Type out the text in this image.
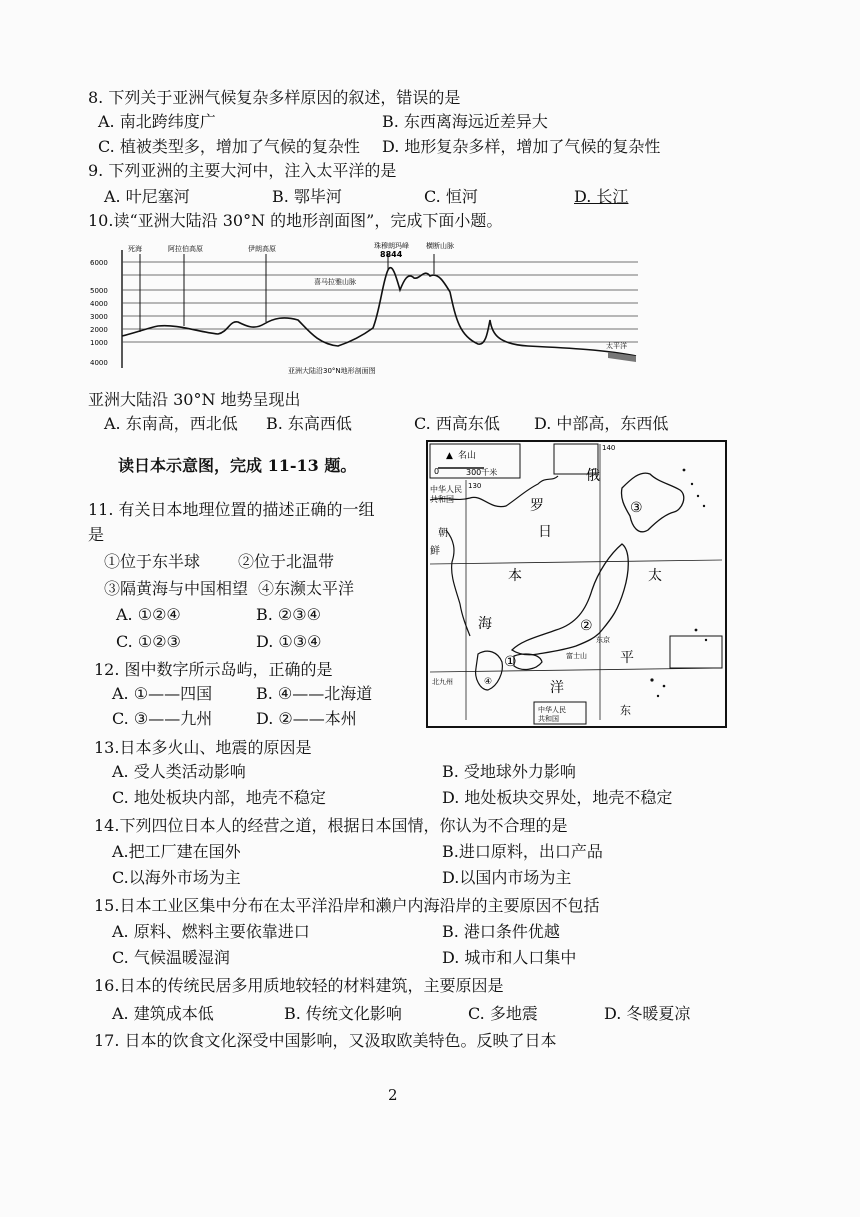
8. 下列关于亚洲气候复杂多样原因的叙述，错误的是
A. 南北跨纬度广	B. 东西离海远近差异大
C. 植被类型多，增加了气候的复杂性 D. 地形复杂多样，增加了气候的复杂性
9. 下列亚洲的主要大河中，注入太平洋的是
A. 叶尼塞河	B. 鄂毕河	C. 恒河	D. 长江
10.读“亚洲大陆沿 30°N 的地形剖面图”，完成下面小题。
6000
5000
4000
3000
2000
1000
4000
死海	阿拉伯高原	伊朗高原	珠穆朗玛峰
8844
横断山脉
喜马拉雅山脉
太平洋
亚洲大陆沿30°N地形剖面图
亚洲大陆沿 30°N 地势呈现出
A. 东南高，西北低 B. 东高西低	C. 西高东低 D. 中部高，东西低
读日本示意图，完成 11-13 题。
11. 有关日本地理位置的描述正确的一组
是
①位于东半球 ②位于北温带
③隔黄海与中国相望 ④东濒太平洋
A. ①②④	B. ②③④
C. ①②③	D. ①③④
12. 图中数字所示岛屿，正确的是
A. ①——四国	B. ④——北海道
C. ③——九州	D. ②——本州
▲ 名山
0	300千米
130
140
中华人民
共和国
朝
鲜
日
本
海
太
平
洋
俄
罗
东
①
②
③
④
东京
富士山
北九州
中华人民
共和国
13.日本多火山、地震的原因是
A. 受人类活动影响	B. 受地球外力影响
C. 地处板块内部，地壳不稳定	D. 地处板块交界处，地壳不稳定
14.下列四位日本人的经营之道，根据日本国情，你认为不合理的是
A.把工厂建在国外	B.进口原料，出口产品
C.以海外市场为主	D.以国内市场为主
15.日本工业区集中分布在太平洋沿岸和濑户内海沿岸的主要原因不包括
A. 原料、燃料主要依靠进口	B. 港口条件优越
C. 气候温暖湿润	D. 城市和人口集中
16.日本的传统民居多用质地较轻的材料建筑，主要原因是
A. 建筑成本低	B. 传统文化影响	C. 多地震	D. 冬暖夏凉
17. 日本的饮食文化深受中国影响，又汲取欧美特色。反映了日本
2
